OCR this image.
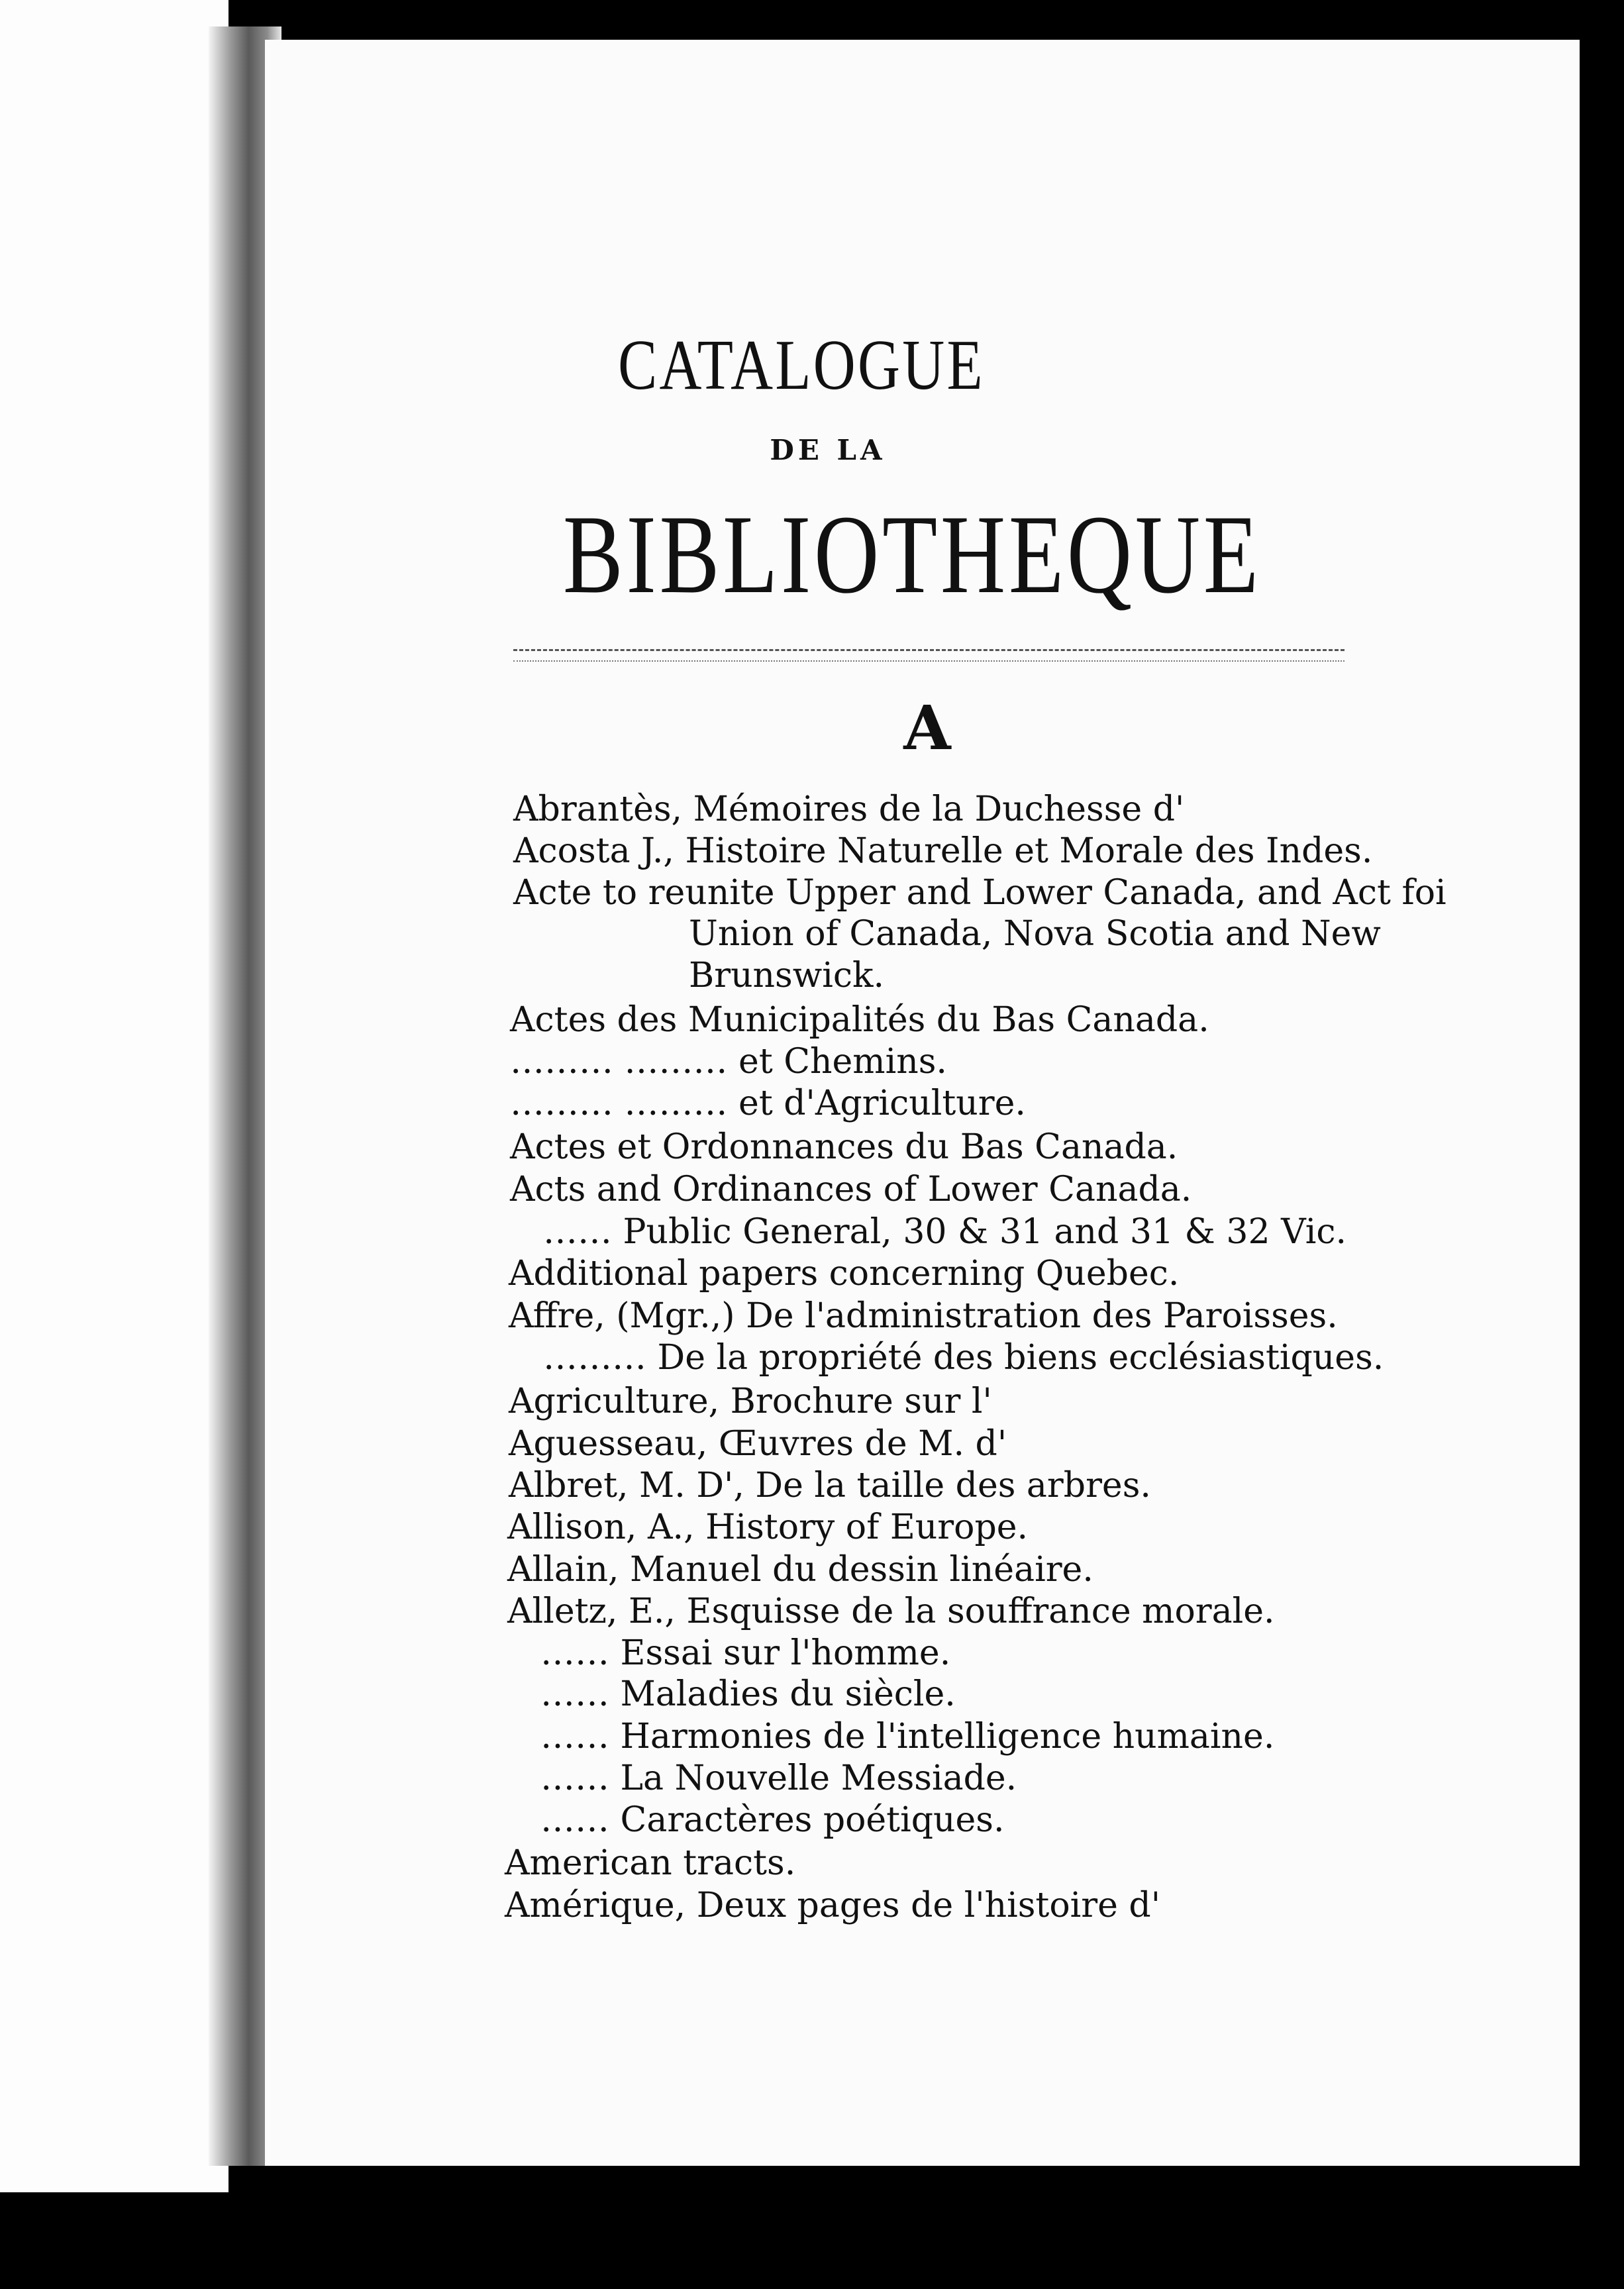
CATALOGUE
DE LA
BIBLIOTHEQUE
A
Abrantès, Mémoires de la Duchesse d'
Acosta J., Histoire Naturelle et Morale des Indes.
Acte to reunite Upper and Lower Canada, and Act foi
Union of Canada, Nova Scotia and New
Brunswick.
Actes des Municipalités du Bas Canada.
……… ……… et Chemins.
……… ……… et d'Agriculture.
Actes et Ordonnances du Bas Canada.
Acts and Ordinances of Lower Canada.
…… Public General, 30 & 31 and 31 & 32 Vic.
Additional papers concerning Quebec.
Affre, (Mgr.,) De l'administration des Paroisses.
……… De la propriété des biens ecclésiastiques.
Agriculture, Brochure sur l'
Aguesseau, Œuvres de M. d'
Albret, M. D', De la taille des arbres.
Allison, A., History of Europe.
Allain, Manuel du dessin linéaire.
Alletz, E., Esquisse de la souffrance morale.
…… Essai sur l'homme.
…… Maladies du siècle.
…… Harmonies de l'intelligence humaine.
…… La Nouvelle Messiade.
…… Caractères poétiques.
American tracts.
Amérique, Deux pages de l'histoire d'
